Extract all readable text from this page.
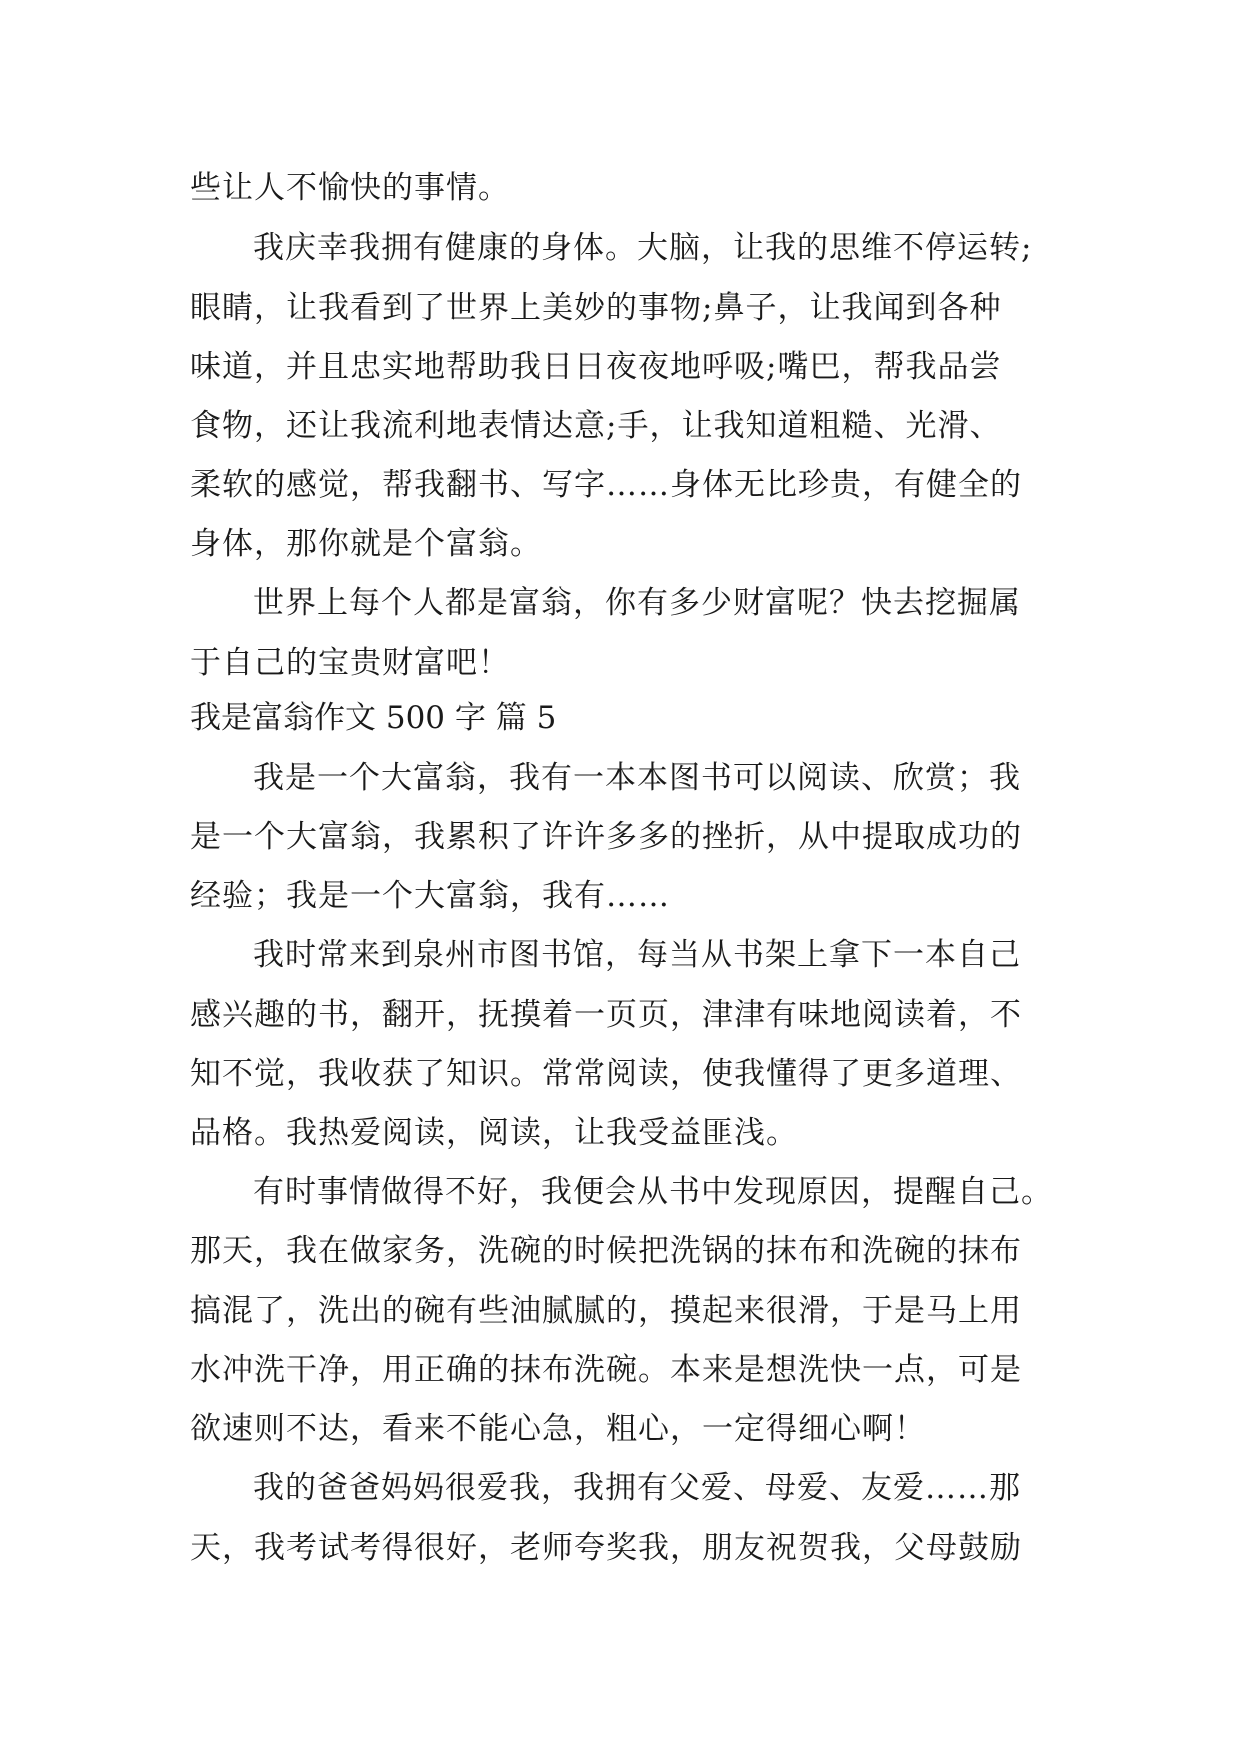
些让人不愉快的事情。
我庆幸我拥有健康的身体。大脑，让我的思维不停运转;
眼睛，让我看到了世界上美妙的事物;鼻子，让我闻到各种
味道，并且忠实地帮助我日日夜夜地呼吸;嘴巴，帮我品尝
食物，还让我流利地表情达意;手，让我知道粗糙、光滑、
柔软的感觉，帮我翻书、写字……身体无比珍贵，有健全的
身体，那你就是个富翁。
世界上每个人都是富翁，你有多少财富呢？快去挖掘属
于自己的宝贵财富吧！
我是富翁作文 500 字 篇 5
我是一个大富翁，我有一本本图书可以阅读、欣赏；我
是一个大富翁，我累积了许许多多的挫折，从中提取成功的
经验；我是一个大富翁，我有……
我时常来到泉州市图书馆，每当从书架上拿下一本自己
感兴趣的书，翻开，抚摸着一页页，津津有味地阅读着，不
知不觉，我收获了知识。常常阅读，使我懂得了更多道理、
品格。我热爱阅读，阅读，让我受益匪浅。
有时事情做得不好，我便会从书中发现原因，提醒自己。
那天，我在做家务，洗碗的时候把洗锅的抹布和洗碗的抹布
搞混了，洗出的碗有些油腻腻的，摸起来很滑，于是马上用
水冲洗干净，用正确的抹布洗碗。本来是想洗快一点，可是
欲速则不达，看来不能心急，粗心，一定得细心啊！
我的爸爸妈妈很爱我，我拥有父爱、母爱、友爱……那
天，我考试考得很好，老师夸奖我，朋友祝贺我，父母鼓励
